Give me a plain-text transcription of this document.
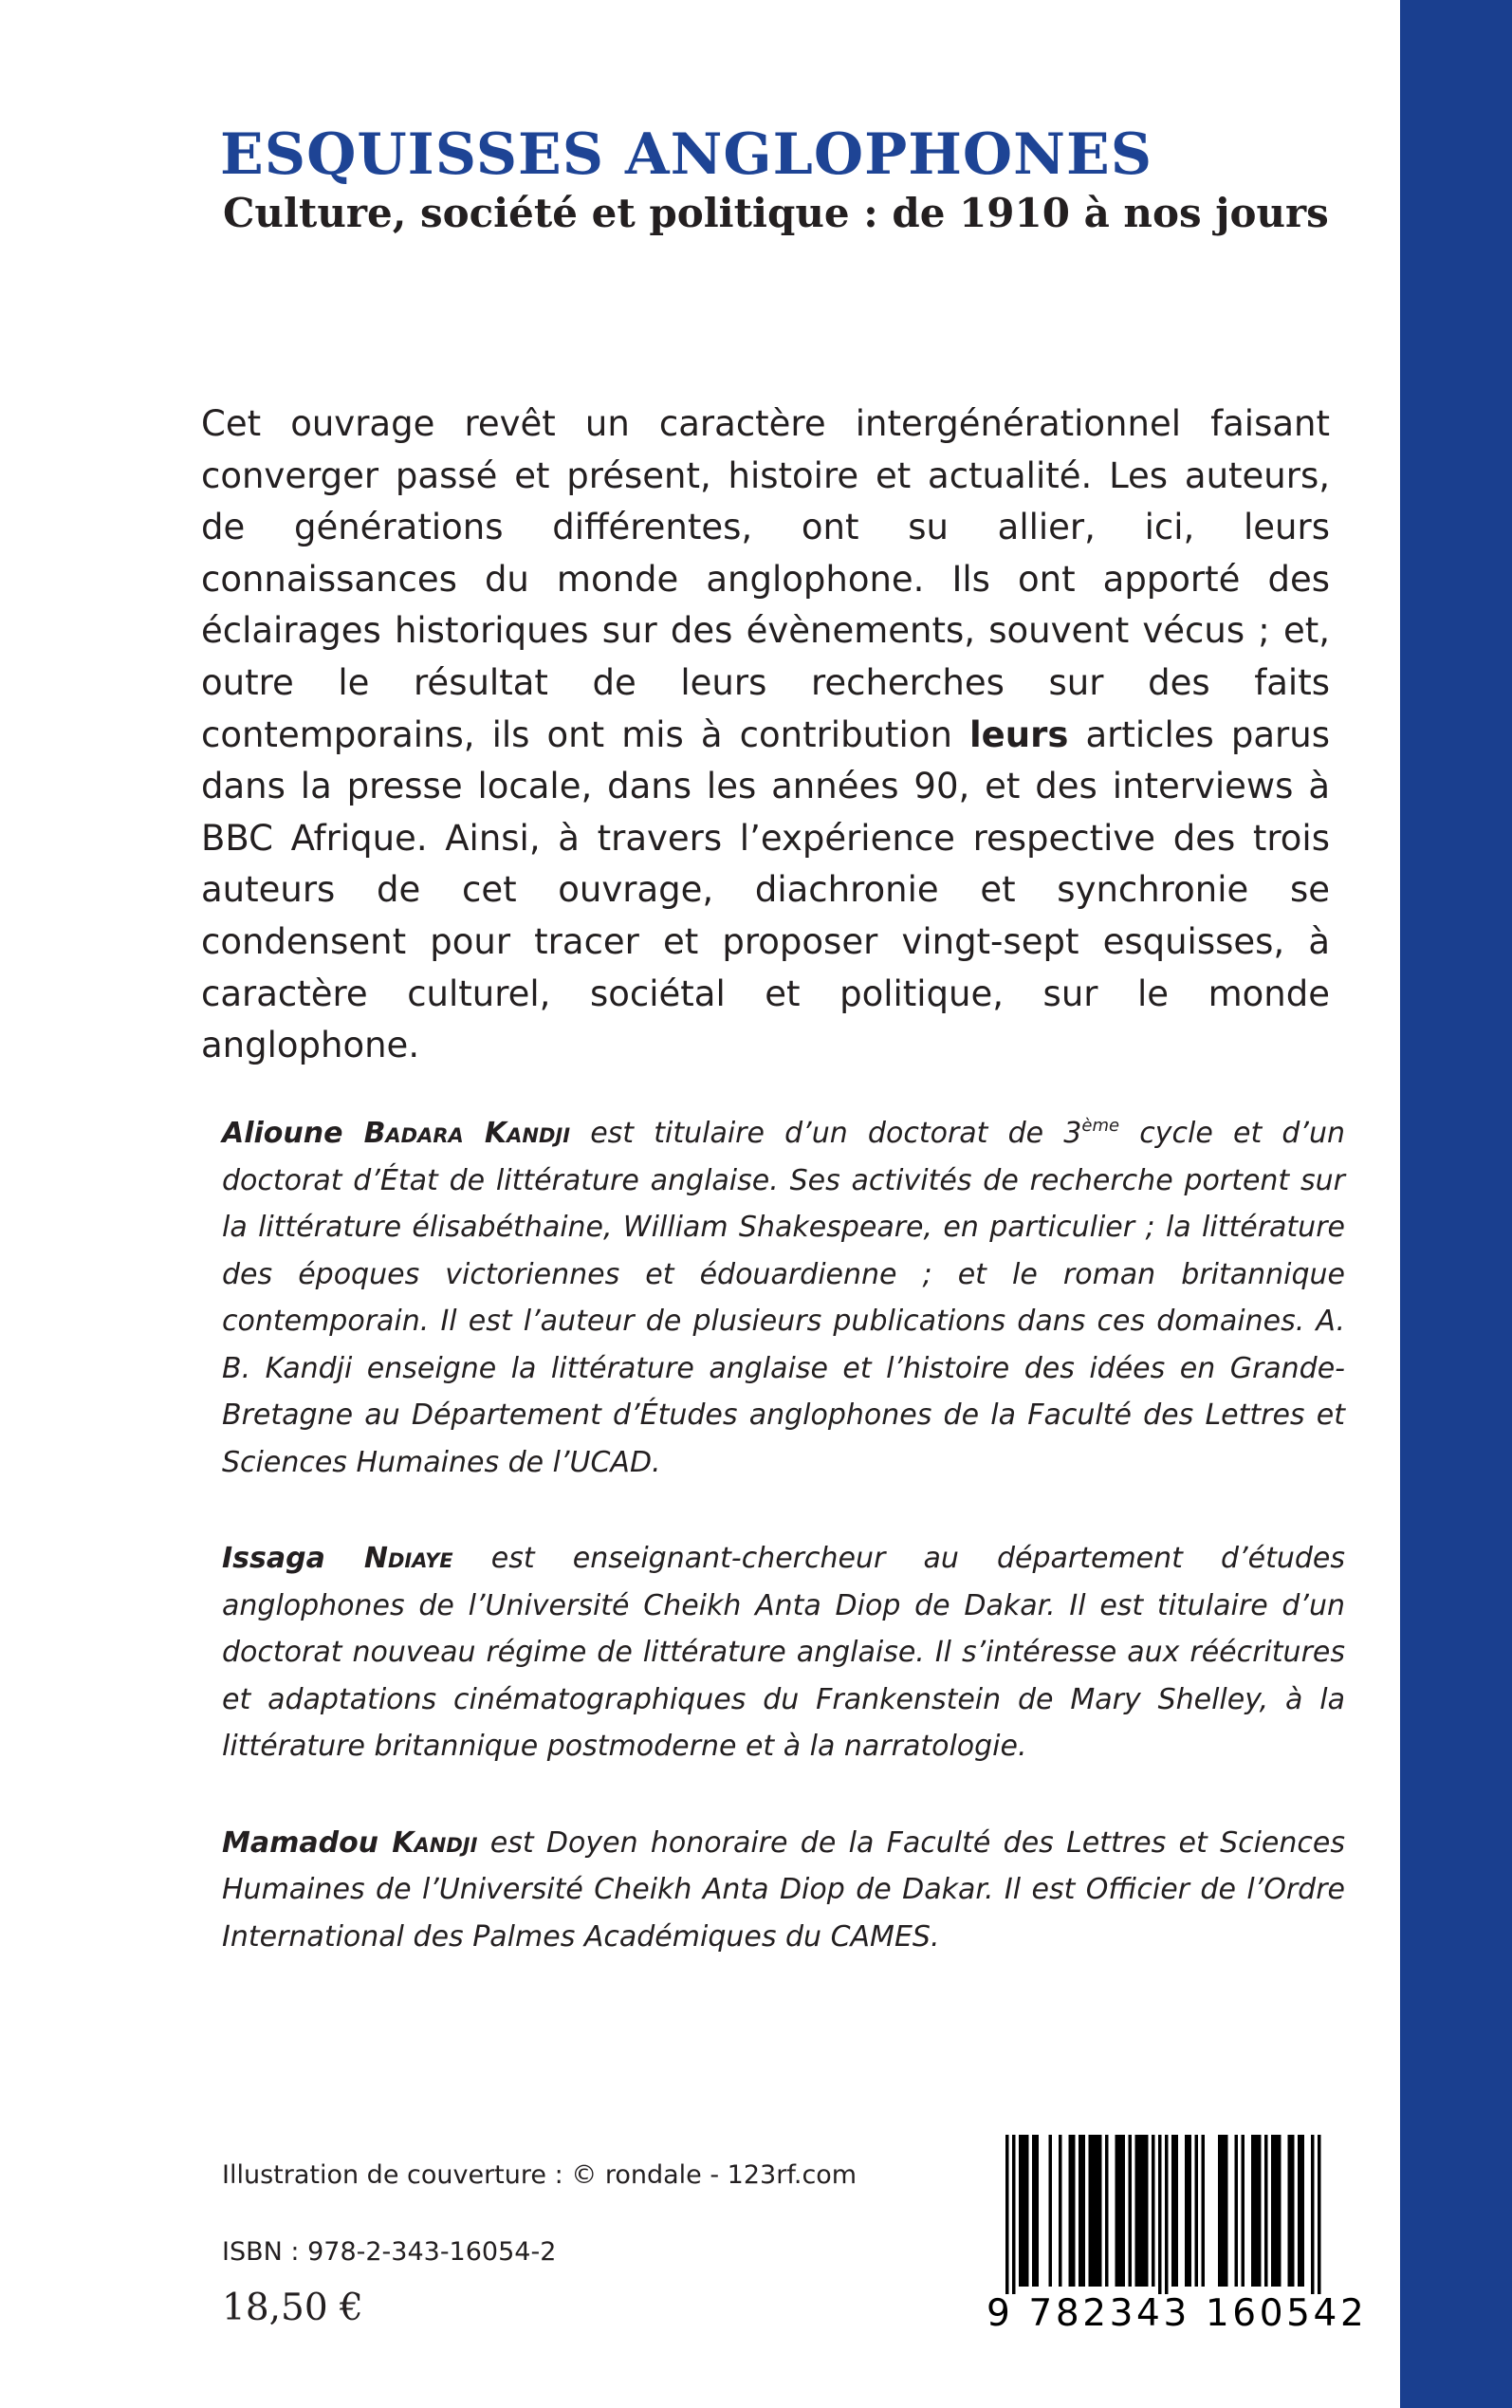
ESQUISSES ANGLOPHONES
Culture, société et politique : de 1910 à nos jours

Cet ouvrage revêt un caractère intergénérationnel faisant converger passé et présent, histoire et actualité. Les auteurs, de générations différentes, ont su allier, ici, leurs connaissances du monde anglophone. Ils ont apporté des éclairages historiques sur des évènements, souvent vécus ; et, outre le résultat de leurs recherches sur des faits contemporains, ils ont mis à contribution leurs articles parus dans la presse locale, dans les années 90, et des interviews à BBC Afrique. Ainsi, à travers l’expérience respective des trois auteurs de cet ouvrage, diachronie et synchronie se condensent pour tracer et proposer vingt-sept esquisses, à caractère culturel, sociétal et politique, sur le monde anglophone.

Alioune Badara Kandji est titulaire d’un doctorat de 3ème cycle et d’un doctorat d’État de littérature anglaise. Ses activités de recherche portent sur la littérature élisabéthaine, William Shakespeare, en particulier ; la littérature des époques victoriennes et édouardienne ; et le roman britannique contemporain. Il est l’auteur de plusieurs publications dans ces domaines. A. B. Kandji enseigne la littérature anglaise et l’histoire des idées en Grande-Bretagne au Département d’Études anglophones de la Faculté des Lettres et Sciences Humaines de l’UCAD.

Issaga Ndiaye est enseignant-chercheur au département d’études anglophones de l’Université Cheikh Anta Diop de Dakar. Il est titulaire d’un doctorat nouveau régime de littérature anglaise. Il s’intéresse aux réécritures et adaptations cinématographiques du Frankenstein de Mary Shelley, à la littérature britannique postmoderne et à la narratologie.

Mamadou Kandji est Doyen honoraire de la Faculté des Lettres et Sciences Humaines de l’Université Cheikh Anta Diop de Dakar. Il est Officier de l’Ordre International des Palmes Académiques du CAMES.

Illustration de couverture : © rondale - 123rf.com

ISBN : 978-2-343-16054-2

18,50 €	9 782343 160542
